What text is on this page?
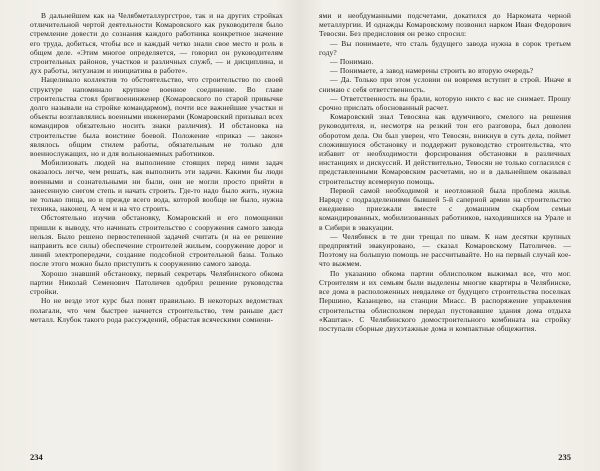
В дальнейшем как на Челябметаллургстрое, так и на других стройках отличительной чертой деятельности Комаровского как руководителя было стремление довести до сознания каждого работника конкретное значение его труда, добиться, чтобы все и каждый четко знали свое место и роль в общем деле. «Этим многое определяется, — говорил он руководителям строительных районов, участков и различных служб, — и дисциплина, и дух работы, энтузиазм и инициатива в работе».

Нацеливало коллектив то обстоятельство, что строительство по своей структуре напоминало крупное военное соединение. Во главе строительства стоял бригвоенинженер (Комаровского по старой привычке долго называли на стройке командармом), почти все важнейшие участки и объекты возглавлялись военными инженерами (Комаровский призывал всех командиров обязательно носить знаки различия). И обстановка на строительстве была воистине боевой. Положение «приказ — закон» являлось общим стилем работы, обязательным не только для военнослужащих, но и для вольнонаемных работников.

Мобилизовать людей на выполнение стоящих перед ними задач оказалось легче, чем решать, как выполнить эти задачи. Какими бы люди военными и сознательными ни были, они не могли просто прийти в занесенную снегом степь и начать строить. Где-то надо было жить, нужна не только пища, но и прежде всего вода, которой вообще не было, нужна техника, наконец. А чем и на что строить.

Обстоятельно изучив обстановку, Комаровский и его помощники пришли к выводу, что начинать строительство с сооружения самого завода нельзя. Было решено первостепенной задачей считать (и на ее решение направить все силы) обеспечение строителей жильем, сооружение дорог и линий электропередачи, создание подсобной строительной базы. Только после этого можно было приступить к сооружению самого завода.

Хорошо знавший обстановку, первый секретарь Челябинского обкома партии Николай Семенович Патоличев одобрил решение руководства стройки.

Но не везде этот курс был понят правильно. В некоторых ведомствах полагали, что чем быстрее начнется строительство, тем раньше даст металл. Клубок такого рода рассуждений, обрастая всяческими сомнени-

234

ями и необдуманными подсчетами, докатился до Наркомата черной металлургии. И однажды Комаровскому позвонил нарком Иван Федорович Тевосян. Без предисловия он резко спросил:

— Вы понимаете, что сталь будущего завода нужна в сорок третьем году?

— Понимаю.

— Понимаете, а завод намерены строить во вторую очередь?

— Да. Только при этом условии он вовремя вступит в строй. Иначе я снимаю с себя ответственность.

— Ответственность вы брали, которую никто с вас не снимает. Прошу срочно прислать обоснованный расчет.

Комаровский знал Тевосяна как вдумчивого, смелого на решения руководителя, и, несмотря на резкий тон его разговора, был доволен оборотом дела. Он был уверен, что Тевосян, вникнув в суть дела, поймет сложившуюся обстановку и поддержит руководство строительства, что избавит от необходимости форсирования обстановки в различных инстанциях и дискуссий. И действительно, Тевосян не только согласился с представленными Комаровским расчетами, но и в дальнейшем оказывал строительству всемерную помощь.

Первой самой необходимой и неотложной была проблема жилья. Наряду с подразделениями бывшей 5-й саперной армии на строительство ежедневно приезжали вместе с домашним скарбом семьи командированных, мобилизованных работников, находившихся на Урале и в Сибири в эвакуации.

— Челябинск в те дни трещал по швам. К нам десятки крупных предприятий эвакуировано, — сказал Комаровскому Патоличев. — Поэтому на большую помощь не рассчитывайте. Но на первый случай кое-что выжмем.

По указанию обкома партии облисполком выжимал все, что мог. Строителям и их семьям были выделены многие квартиры в Челябинске, все дома в расположенных невдалеке от будущего строительства поселках Першино, Казанцево, на станции Миасс. В распоряжение управления строительства облисполком передал пустовавшие здания дома отдыха «Каштак». С Челябинского домостроительного комбината на стройку поступали сборные двухэтажные дома и компактные общежития.

235
